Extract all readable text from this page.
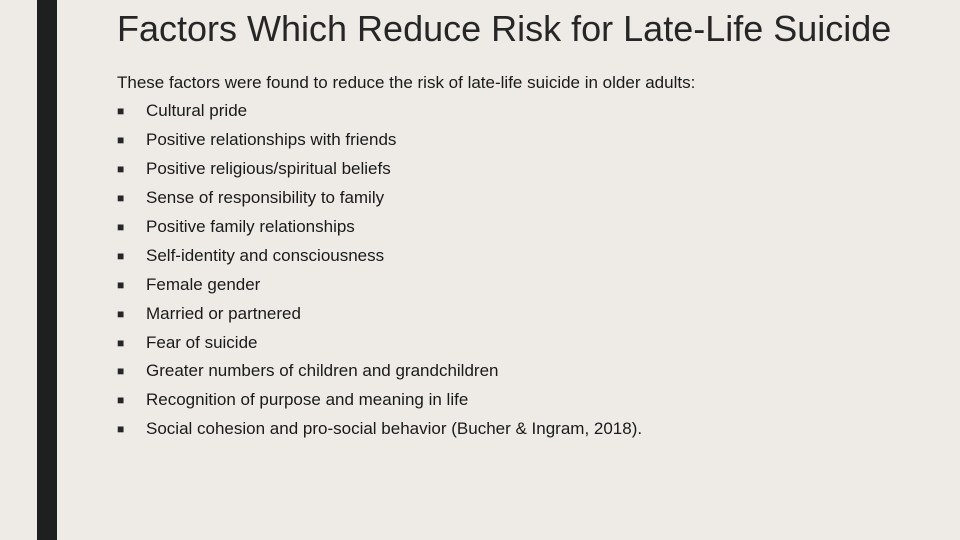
Factors Which Reduce Risk for Late-Life Suicide

These factors were found to reduce the risk of late-life suicide in older adults:

■	Cultural pride
■	Positive relationships with friends
■	Positive religious/spiritual beliefs
■	Sense of responsibility to family
■	Positive family relationships
■	Self-identity and consciousness
■	Female gender
■	Married or partnered
■	Fear of suicide
■	Greater numbers of children and grandchildren
■	Recognition of purpose and meaning in life
■	Social cohesion and pro-social behavior (Bucher & Ingram, 2018).
